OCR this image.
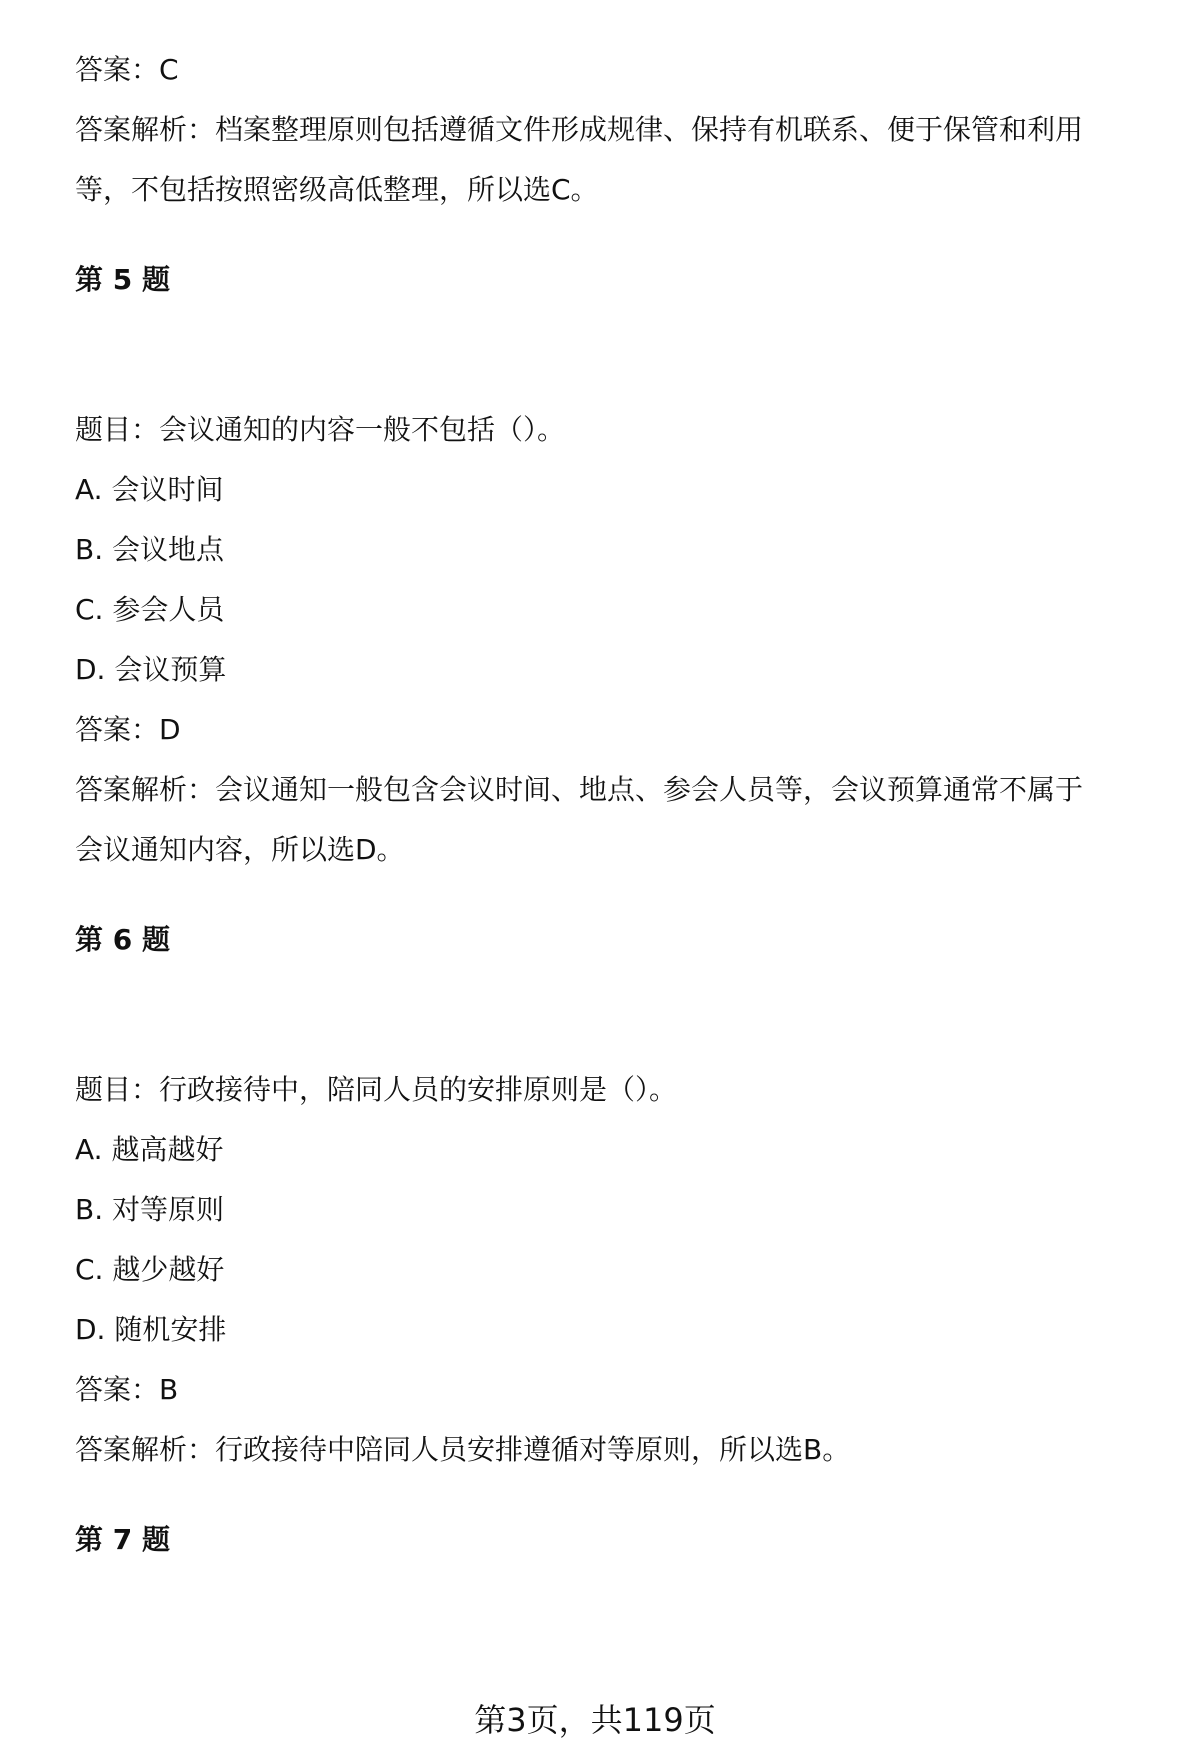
答案：C
答案解析：档案整理原则包括遵循文件形成规律、保持有机联系、便于保管和利用
等，不包括按照密级高低整理，所以选C。
第 5 题
题目：会议通知的内容一般不包括（）。
A. 会议时间
B. 会议地点
C. 参会人员
D. 会议预算
答案：D
答案解析：会议通知一般包含会议时间、地点、参会人员等，会议预算通常不属于
会议通知内容，所以选D。
第 6 题
题目：行政接待中，陪同人员的安排原则是（）。
A. 越高越好
B. 对等原则
C. 越少越好
D. 随机安排
答案：B
答案解析：行政接待中陪同人员安排遵循对等原则，所以选B。
第 7 题
第3页，共119页
